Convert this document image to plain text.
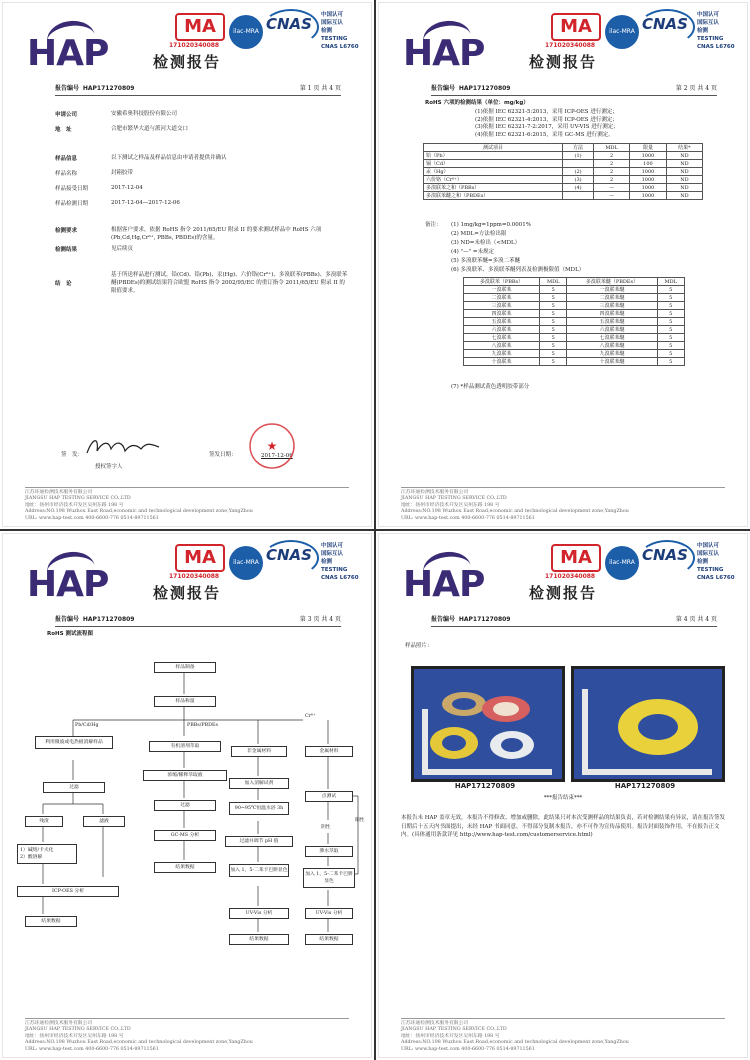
HAP
MA
171020340088
ilac-MRA CNAS 中国认可
国际互认
检测
TESTING
CNAS L6760
检测报告
报告编号 HAP171270809	第 1 页 共 4 页
申请公司	安徽希奥科技股份有限公司
地　址	合肥市繁华大道与派河大道交口
样品信息	以下测试之样品及样品信息由申请者提供并确认
样品名称	封箱胶带
样品接受日期	2017-12-04
样品检测日期	2017-12-04—2017-12-06
检测要求	根据客户要求，依据 RoHS 指令 2011/65/EU 附录 II 的要求测试样品中 RoHS 六项(Pb,Cd,Hg,Cr⁶⁺, PBBs, PBDEs)的含量。
检测结果	见后续页
结　论
基于所送样品进行测试，铅(Cd)、铅(Pb)、汞(Hg)、六价铬(Cr⁶⁺)、多溴联苯(PBBs)、多溴联苯醚(PBDEs)的测试结果符合欧盟 RoHS 指令 2002/95/EC 的重订指令 2011/65/EU 附录 II 的限值要求。
签　发：
授权签字人
签发日期：	2017-12-06
★
江苏环通检测技术服务有限公司
JIANGSU HAP TESTING SERVICE CO.,LTD
地址：扬州市经济技术开发区吴州东路 198 号
Address:NO.198 Wuzhou East Road,economic and technological development zone,YangZhou
URL: www.hap-test.com 400-6600-776 0514-89711561
HAP
MA
171020340088
ilac-MRA CNAS 中国认可
国际互认
检测
TESTING
CNAS L6760
检测报告
报告编号 HAP171270809	第 2 页 共 4 页
RoHS 六项的检测结果（单位：mg/kg）
(1)依据 IEC 62321-5:2013，采用 ICP-OES 进行测定；
(2)依据 IEC 62321-4:2013，采用 ICP-OES 进行测定；
(3)依据 IEC 62321-7-2:2017，采用 UV-VIS 进行测定；
(4)依据 IEC 62321-6:2015，采用 GC-MS 进行测定。
测试项目	方法	MDL	限量	结果*
铅（Pb）	(1)	2	1000	ND
镉（Cd）		2	100	ND
汞（Hg）	(2)	2	1000	ND
六价铬（Cr⁶⁺）	(3)	2	1000	ND
多溴联苯之和（PBBs）	(4)	—	1000	ND
多溴联苯醚之和（PBDEs）		—	1000	ND
备注： (1) 1mg/kg=1ppm=0.0001%
(2) MDL=方法检出限
(3) ND=未检出（<MDL）
(4) "—" =未规定
(5) 多溴联苯醚=多溴二苯醚
(6) 多溴联苯、多溴联苯醚列表及检测极限值（MDL）
多溴联苯（PBBs）	MDL	多溴联苯醚（PBDEs）	MDL
一溴联苯	5	一溴联苯醚	5
二溴联苯	5	二溴联苯醚	5
三溴联苯	5	三溴联苯醚	5
四溴联苯	5	四溴联苯醚	5
五溴联苯	5	五溴联苯醚	5
六溴联苯	5	六溴联苯醚	5
七溴联苯	5	七溴联苯醚	5
八溴联苯	5	八溴联苯醚	5
九溴联苯	5	九溴联苯醚	5
十溴联苯	5	十溴联苯醚	5
(7) *样品测试黄色透明胶带部分
江苏环通检测技术服务有限公司
JIANGSU HAP TESTING SERVICE CO.,LTD
地址：扬州市经济技术开发区吴州东路 198 号
Address:NO.198 Wuzhou East Road,economic and technological development zone,YangZhou
URL: www.hap-test.com 400-6600-776 0514-89711561
HAP
MA
171020340088
ilac-MRA CNAS 中国认可
国际互认
检测
TESTING
CNAS L6760
检测报告
报告编号 HAP171270809	第 3 页 共 4 页
RoHS 测试流程图
样品制备
样品称量
Pb/Cd/Hg	PBBs/PBDEs
Cr⁶⁺
利用微波或电热板消解样品
过滤
残渣	滤液
1）碱熔/卡夫化
2）酸溶解
ICP-OES 分析
结果数据
有机溶剂萃取
浓缩/稀释萃取液
过滤
GC-MS 分析
结果数据
非金属材料
加入消解试剂
90~95℃恒温水浴 3h
过滤并调节 pH 值
加入 1，5-二苯卡巴肼显色
UV-Vis 分析
结果数据
金属材料
点测试
阴性
沸水萃取
加入 1，5-二苯卡巴肼显色
UV-Vis 分析
结果数据
阳性
江苏环通检测技术服务有限公司
JIANGSU HAP TESTING SERVICE CO.,LTD
地址：扬州市经济技术开发区吴州东路 198 号
Address:NO.198 Wuzhou East Road,economic and technological development zone,YangZhou
URL: www.hap-test.com 400-6600-776 0514-89711561
HAP
MA
171020340088
ilac-MRA CNAS 中国认可
国际互认
检测
TESTING
CNAS L6760
检测报告
报告编号 HAP171270809	第 4 页 共 4 页
样品照片：
HAP171270809	HAP171270809
***报告结束***
本报告未 HAP 盖章无效，本报告不得修改、增加或删除，此结果只对本次受测样品的结果负责，若对检测结果有异议，请在报告签发日期后十五天内书面提出，未经 HAP 书面同意，不得部分复制本报告，亦不可作为宣传品使用。报告封面装饰作用，不在报告正文内。(具体通用条款详见 http://www.hap-test.com/customerservice.html)
江苏环通检测技术服务有限公司
JIANGSU HAP TESTING SERVICE CO.,LTD
地址：扬州市经济技术开发区吴州东路 198 号
Address:NO.198 Wuzhou East Road,economic and technological development zone,YangZhou
URL: www.hap-test.com 400-6600-776 0514-89711561
